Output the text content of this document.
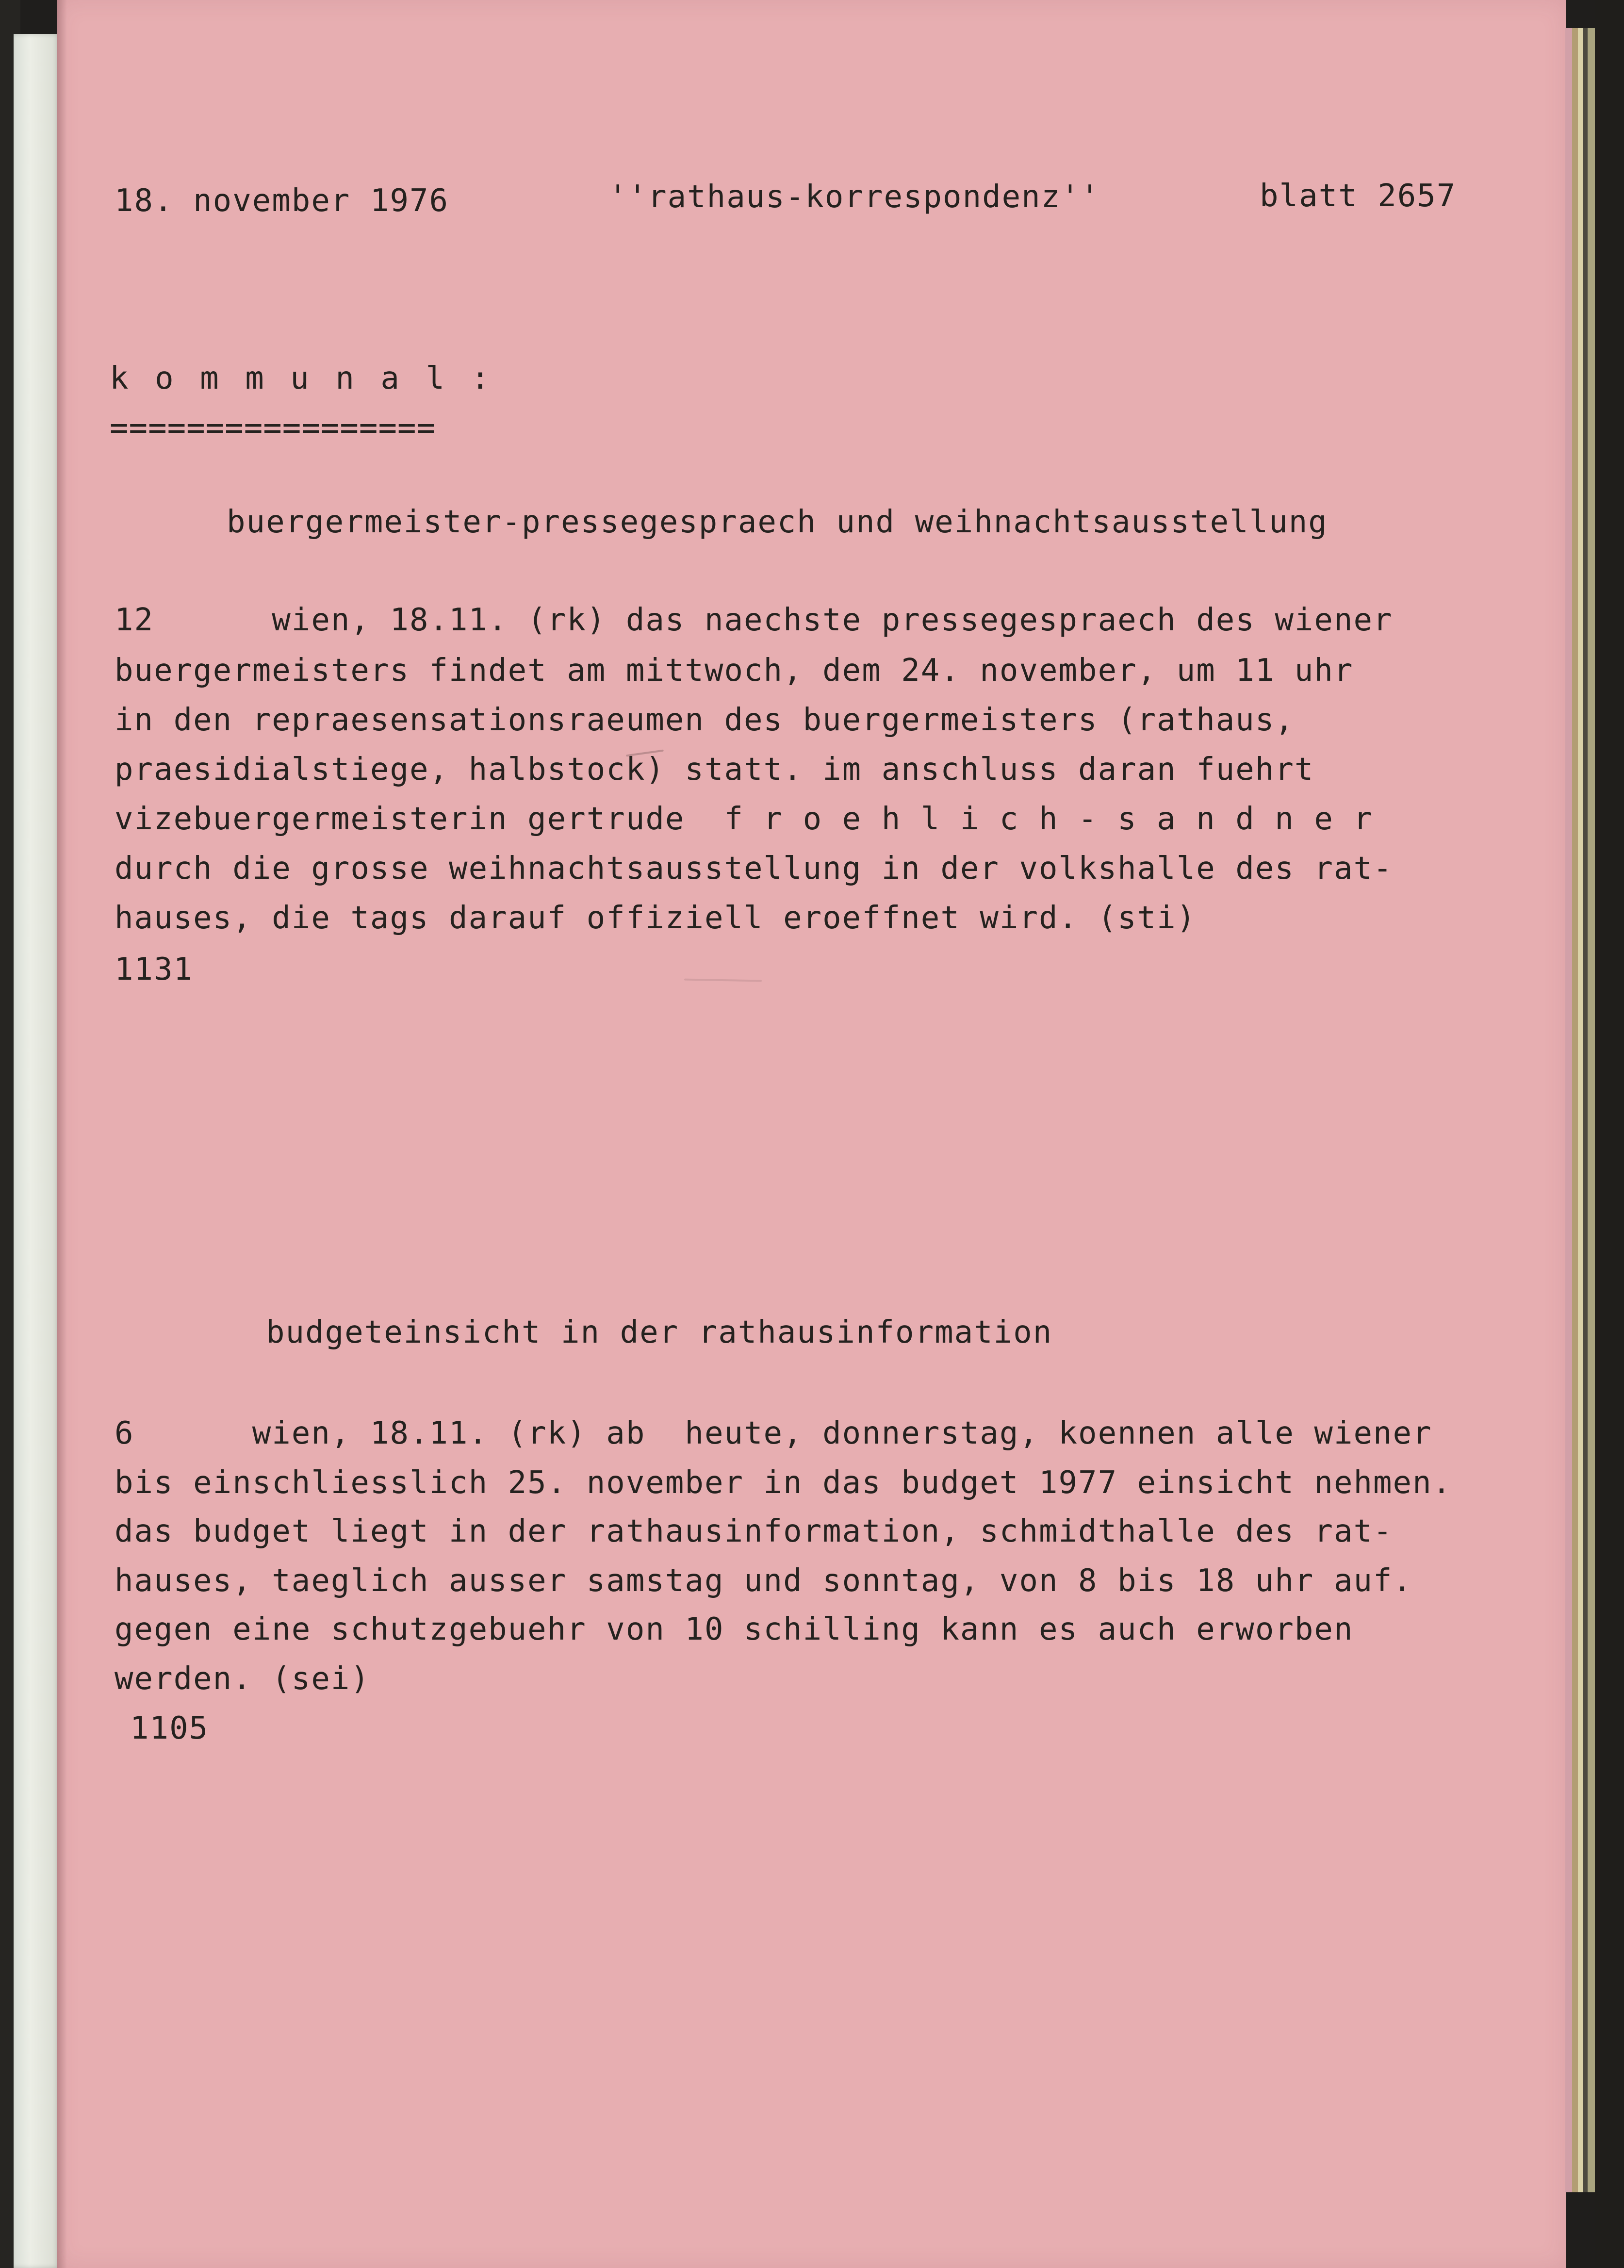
18. november 1976	''rathaus-korrespondenz''	blatt 2657
k o m m u n a l :
=================
buergermeister-pressegespraech und weihnachtsausstellung
12      wien, 18.11. (rk) das naechste pressegespraech des wiener
buergermeisters findet am mittwoch, dem 24. november, um 11 uhr
in den repraesensationsraeumen des buergermeisters (rathaus,
praesidialstiege, halbstock) statt. im anschluss daran fuehrt
vizebuergermeisterin gertrude  f r o e h l i c h - s a n d n e r
durch die grosse weihnachtsausstellung in der volkshalle des rat-
hauses, die tags darauf offiziell eroeffnet wird. (sti)
1131
budgeteinsicht in der rathausinformation
6      wien, 18.11. (rk) ab  heute, donnerstag, koennen alle wiener
bis einschliesslich 25. november in das budget 1977 einsicht nehmen.
das budget liegt in der rathausinformation, schmidthalle des rat-
hauses, taeglich ausser samstag und sonntag, von 8 bis 18 uhr auf.
gegen eine schutzgebuehr von 10 schilling kann es auch erworben
werden. (sei)
1105
